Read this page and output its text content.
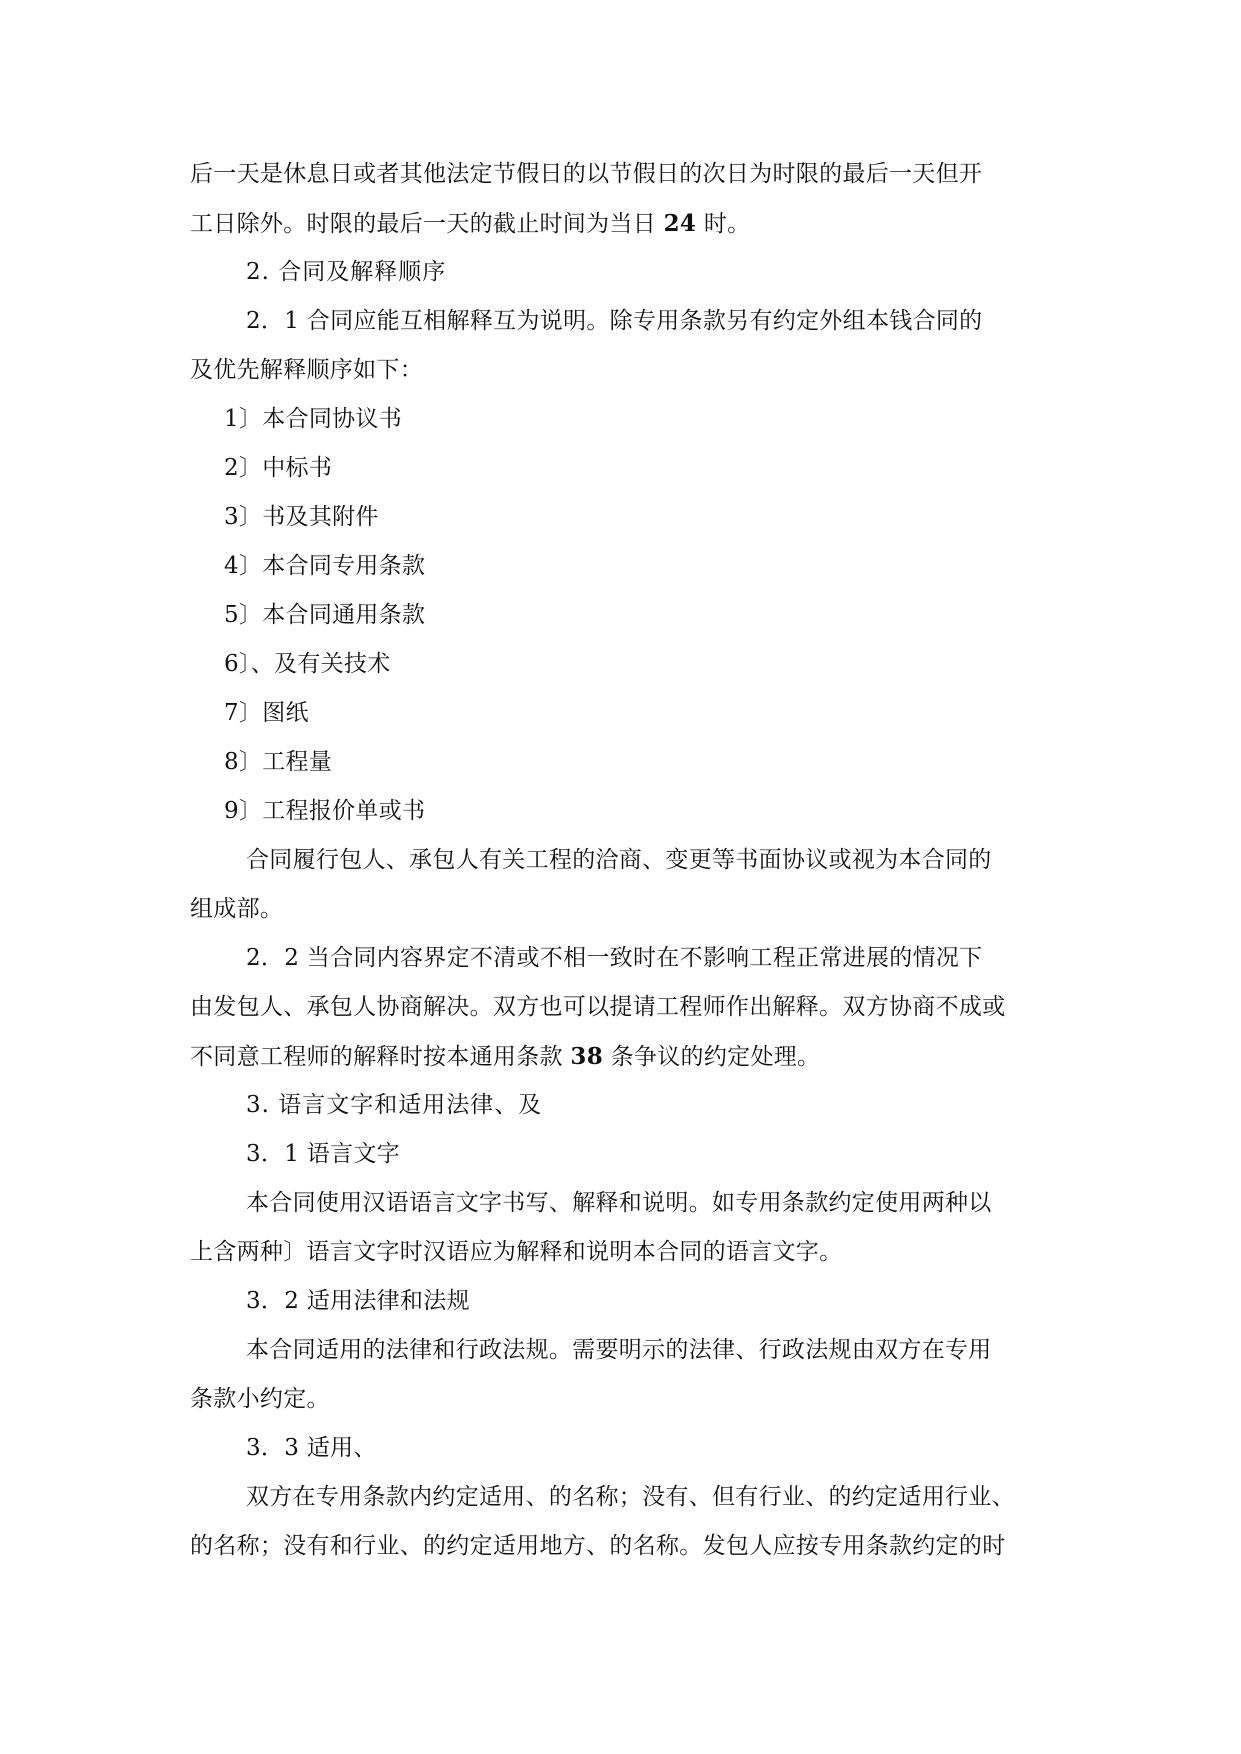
后一天是休息日或者其他法定节假日的以节假日的次日为时限的最后一天但开
工日除外。时限的最后一天的截止时间为当日 24 时。
2. 合同及解释顺序
2．1 合同应能互相解释互为说明。除专用条款另有约定外组本钱合同的
及优先解释顺序如下：
1〕本合同协议书
2〕中标书
3〕书及其附件
4〕本合同专用条款
5〕本合同通用条款
6〕、及有关技术
7〕图纸
8〕工程量
9〕工程报价单或书
合同履行包人、承包人有关工程的洽商、变更等书面协议或视为本合同的
组成部。
2．2 当合同内容界定不清或不相一致时在不影响工程正常进展的情况下
由发包人、承包人协商解决。双方也可以提请工程师作出解释。双方协商不成或
不同意工程师的解释时按本通用条款 38 条争议的约定处理。
3. 语言文字和适用法律、及
3．1 语言文字
本合同使用汉语语言文字书写、解释和说明。如专用条款约定使用两种以
上含两种〕语言文字时汉语应为解释和说明本合同的语言文字。
3．2 适用法律和法规
本合同适用的法律和行政法规。需要明示的法律、行政法规由双方在专用
条款小约定。
3．3 适用、
双方在专用条款内约定适用、的名称；没有、但有行业、的约定适用行业、
的名称；没有和行业、的约定适用地方、的名称。发包人应按专用条款约定的时
